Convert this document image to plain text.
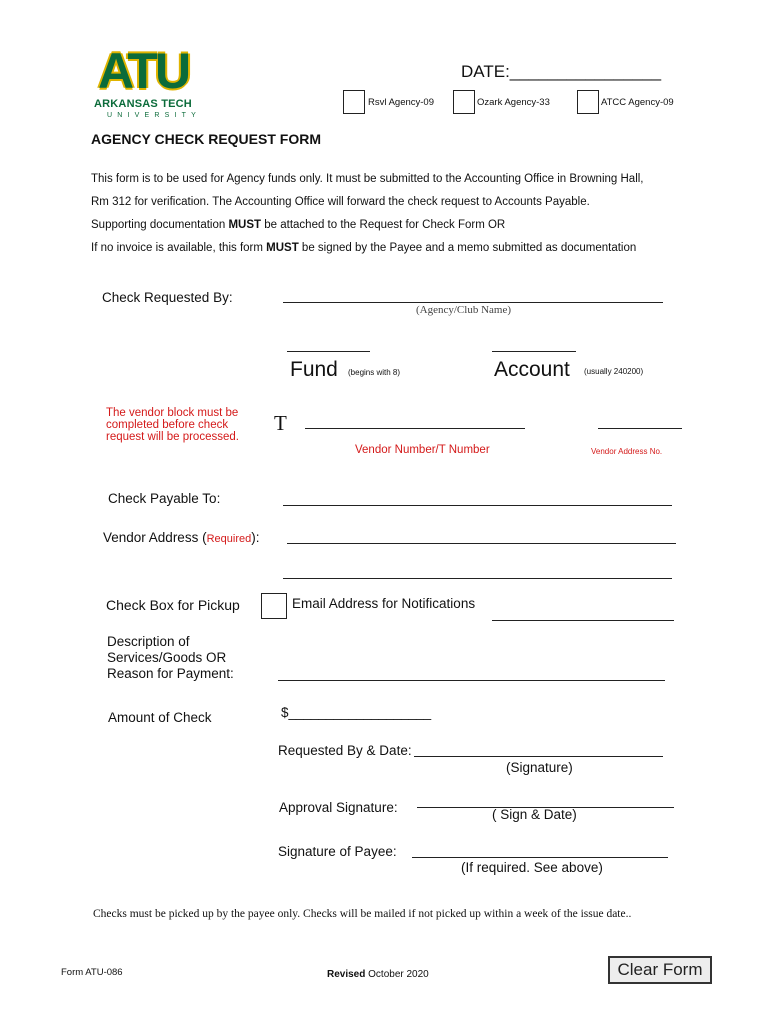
ATU
ARKANSAS TECH
UNIVERSITY
DATE:________________
Rsvl Agency-09	Ozark Agency-33	ATCC Agency-09
AGENCY CHECK REQUEST FORM
This form is to be used for Agency funds only. It must be submitted to the Accounting Office in Browning Hall,
Rm 312 for verification. The Accounting Office will forward the check request to Accounts Payable.
Supporting documentation MUST be attached to the Request for Check Form OR
If no invoice is available, this form MUST be signed by the Payee and a memo submitted as documentation
Check Requested By:
(Agency/Club Name)
Fund (begins with 8)	Account (usually 240200)
The vendor block must be
completed before check
request will be processed.
T
Vendor Number/T Number	Vendor Address No.
Check Payable To:
Vendor Address (Required):
Check Box for Pickup	Email Address for Notifications
Description of
Services/Goods OR
Reason for Payment:
Amount of Check	$___________________
Requested By & Date:
(Signature)
Approval Signature:	( Sign & Date)
Signature of Payee:
(If required. See above)
Checks must be picked up by the payee only. Checks will be mailed if not picked up within a week of the issue date..
Form ATU-086	Revised October 2020	Clear Form
